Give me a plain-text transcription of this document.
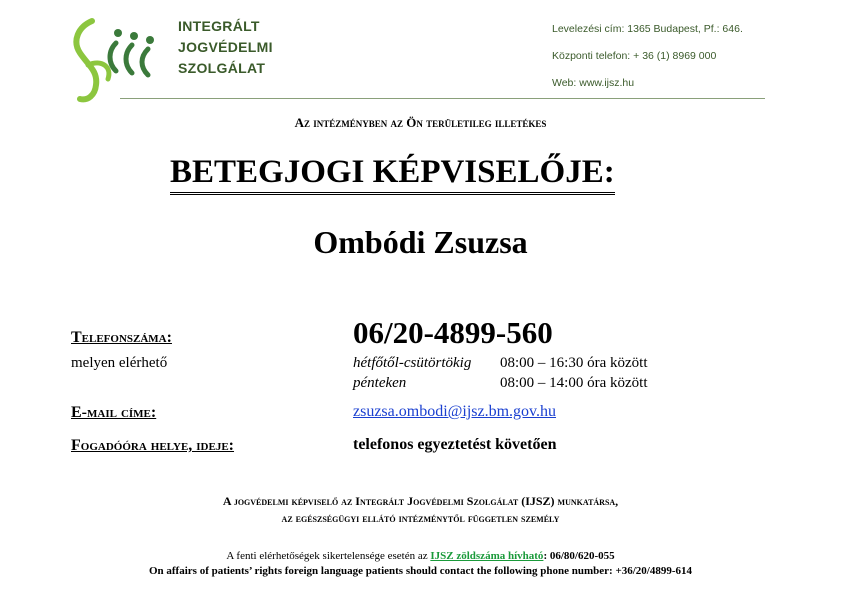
INTEGRÁLT
JOGVÉDELMI
SZOLGÁLAT
Levelezési cím: 1365 Budapest, Pf.: 646.
Központi telefon: + 36 (1) 8969 000
Web: www.ijsz.hu
Az intézményben az Ön területileg illetékes
BETEGJOGI KÉPVISELŐJE:
Ombódi Zsuzsa
Telefonszáma:	06/20-4899-560
melyen elérhető	hétfőtől-csütörtökig 08:00 – 16:30 óra között
pénteken	08:00 – 14:00 óra között
E-mail címe:	zsuzsa.ombodi@ijsz.bm.gov.hu
Fogadóóra helye, ideje:	telefonos egyeztetést követően
A jogvédelmi képviselő az Integrált Jogvédelmi Szolgálat (IJSZ) munkatársa,
az egészségügyi ellátó intézménytől független személy
A fenti elérhetőségek sikertelensége esetén az IJSZ zöldszáma hívható: 06/80/620-055
On affairs of patients’ rights foreign language patients should contact the following phone number: +36/20/4899-614
